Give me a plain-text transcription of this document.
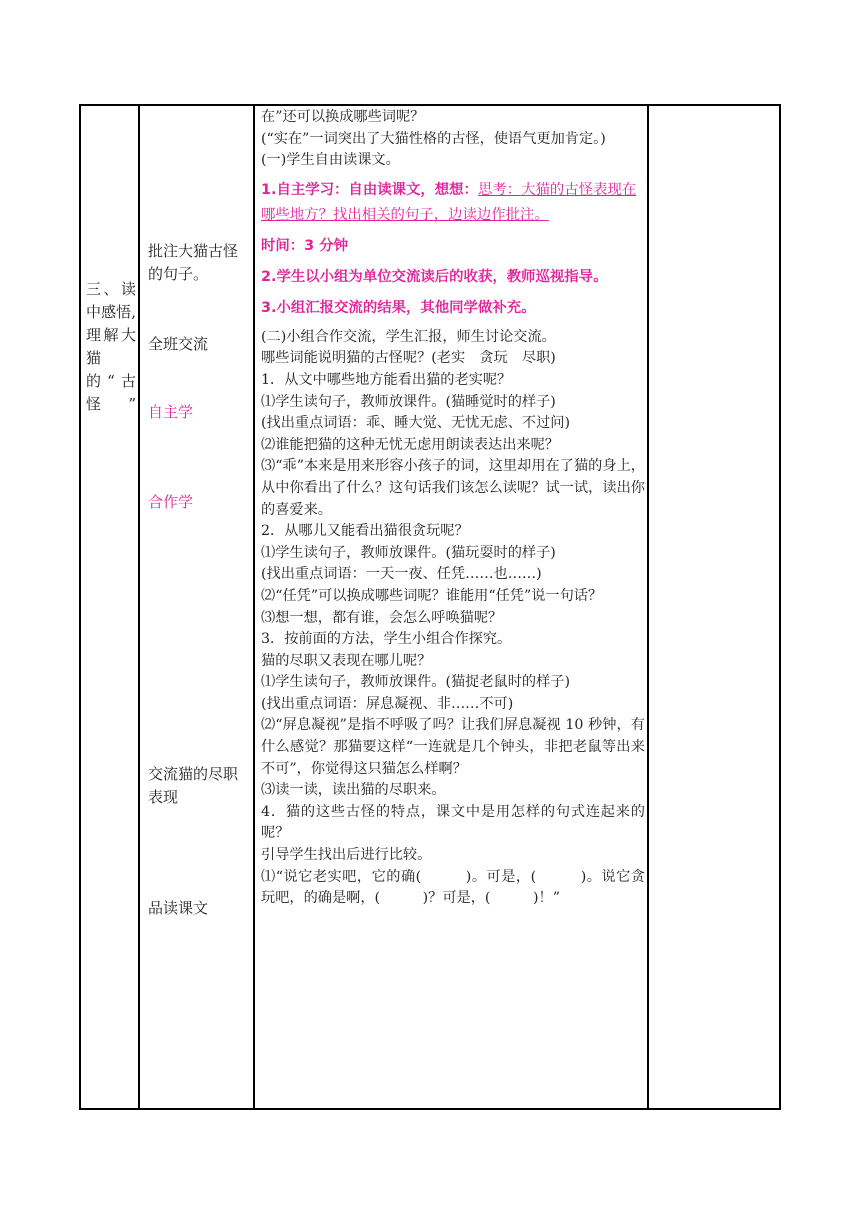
三、读中感悟,理解大猫的“古怪”
批注大猫古怪的句子。
全班交流
自主学
合作学
交流猫的尽职表现
品读课文

在”还可以换成哪些词呢？

(“实在”一词突出了大猫性格的古怪，使语气更加肯定。)

(一)学生自由读课文。

1.自主学习：自由读课文，想想：思考：大猫的古怪表现在哪些地方？找出相关的句子，边读边作批注。

时间：3 分钟

2.学生以小组为单位交流读后的收获，教师巡视指导。

3.小组汇报交流的结果，其他同学做补充。

(二)小组合作交流，学生汇报，师生讨论交流。

哪些词能说明猫的古怪呢？(老实　贪玩　尽职)

1．从文中哪些地方能看出猫的老实呢？

⑴学生读句子，教师放课件。(猫睡觉时的样子)

(找出重点词语：乖、睡大觉、无忧无虑、不过问)

⑵谁能把猫的这种无忧无虑用朗读表达出来呢？

⑶“乖”本来是用来形容小孩子的词，这里却用在了猫的身上，从中你看出了什么？这句话我们该怎么读呢？试一试，读出你的喜爱来。

2．从哪儿又能看出猫很贪玩呢？

⑴学生读句子，教师放课件。(猫玩耍时的样子)

(找出重点词语：一天一夜、任凭……也……)

⑵“任凭”可以换成哪些词呢？谁能用“任凭”说一句话？

⑶想一想，都有谁，会怎么呼唤猫呢？

3．按前面的方法，学生小组合作探究。

猫的尽职又表现在哪儿呢？

⑴学生读句子，教师放课件。(猫捉老鼠时的样子)

(找出重点词语：屏息凝视、非……不可)

⑵“屏息凝视”是指不呼吸了吗？让我们屏息凝视 10 秒钟，有什么感觉？那猫要这样“一连就是几个钟头，非把老鼠等出来不可”，你觉得这只猫怎么样啊？

⑶读一读，读出猫的尽职来。

4．猫的这些古怪的特点，课文中是用怎样的句式连起来的呢？

引导学生找出后进行比较。

⑴“说它老实吧，它的确(　　　)。可是，(　　　)。说它贪玩吧，的确是啊，(　　　)？可是，(　　　)！”
